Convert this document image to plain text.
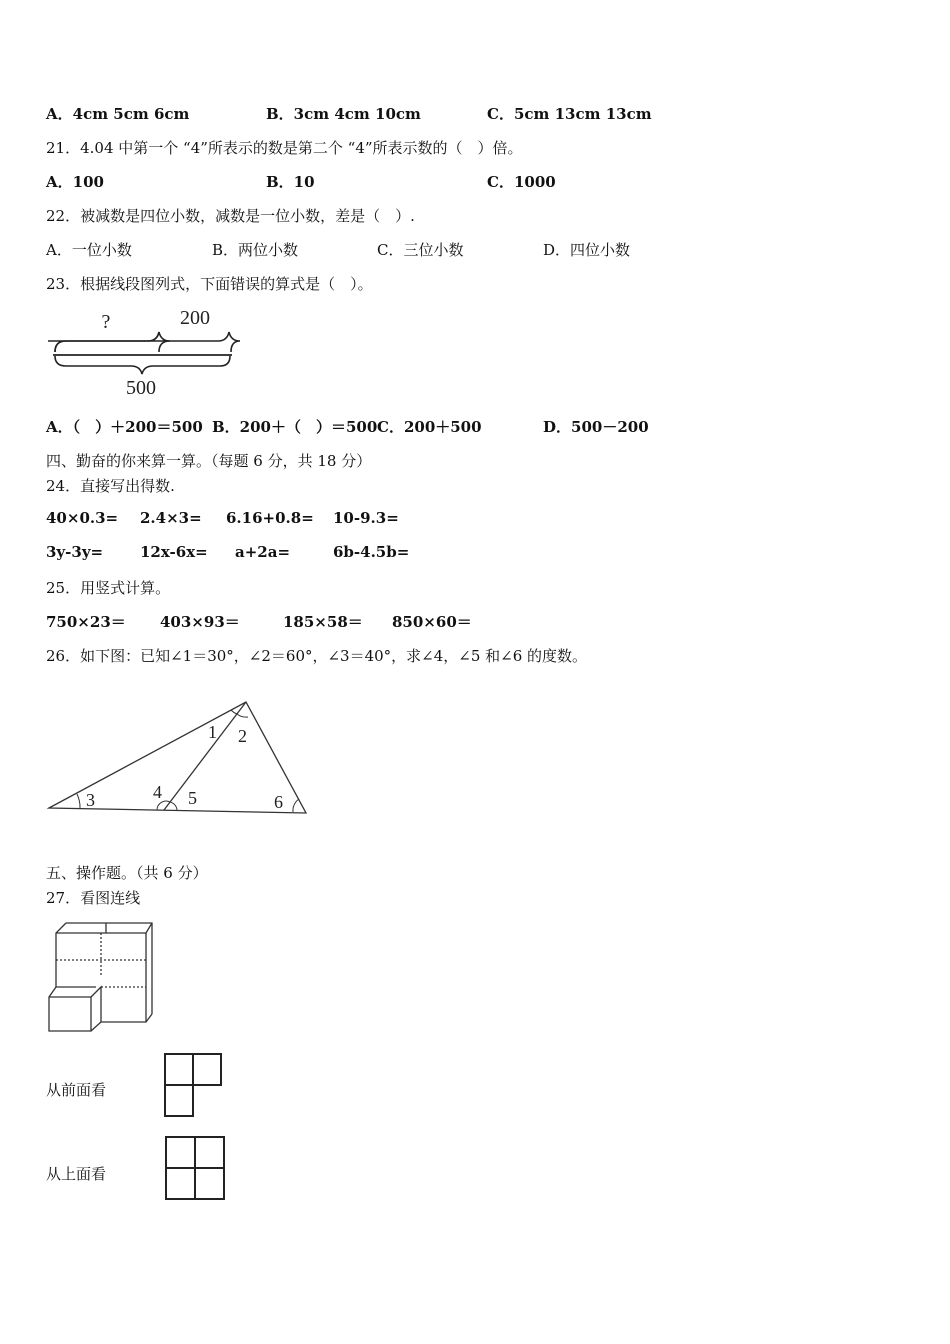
A．4cm 5cm 6cm	B．3cm 4cm 10cm	C．5cm 13cm 13cm
21．4.04 中第一个 “4”所表示的数是第二个 “4”所表示数的（　）倍。
A．100	B．10	C．1000
22．被减数是四位小数，减数是一位小数，差是（　）.
A．一位小数	B．两位小数	C．三位小数	D．四位小数
23．根据线段图列式，下面错误的算式是（　）。
?	200
500
A．（　）＋200＝500 B．200＋（　）＝500 C．200＋500	D．500－200
四、勤奋的你来算一算。（每题 6 分，共 18 分）
24．直接写出得数.
40×0.3= 2.4×3= 6.16+0.8= 10-9.3=
3y-3y= 12x-6x= a+2a=	6b-4.5b=
25．用竖式计算。
750×23＝ 403×93＝	185×58＝ 850×60＝
26．如下图：已知∠1＝30°，∠2＝60°，∠3＝40°，求∠4，∠5 和∠6 的度数。
1 2
3	4 5	6
五、操作题。（共 6 分）
27．看图连线
从前面看
从上面看
